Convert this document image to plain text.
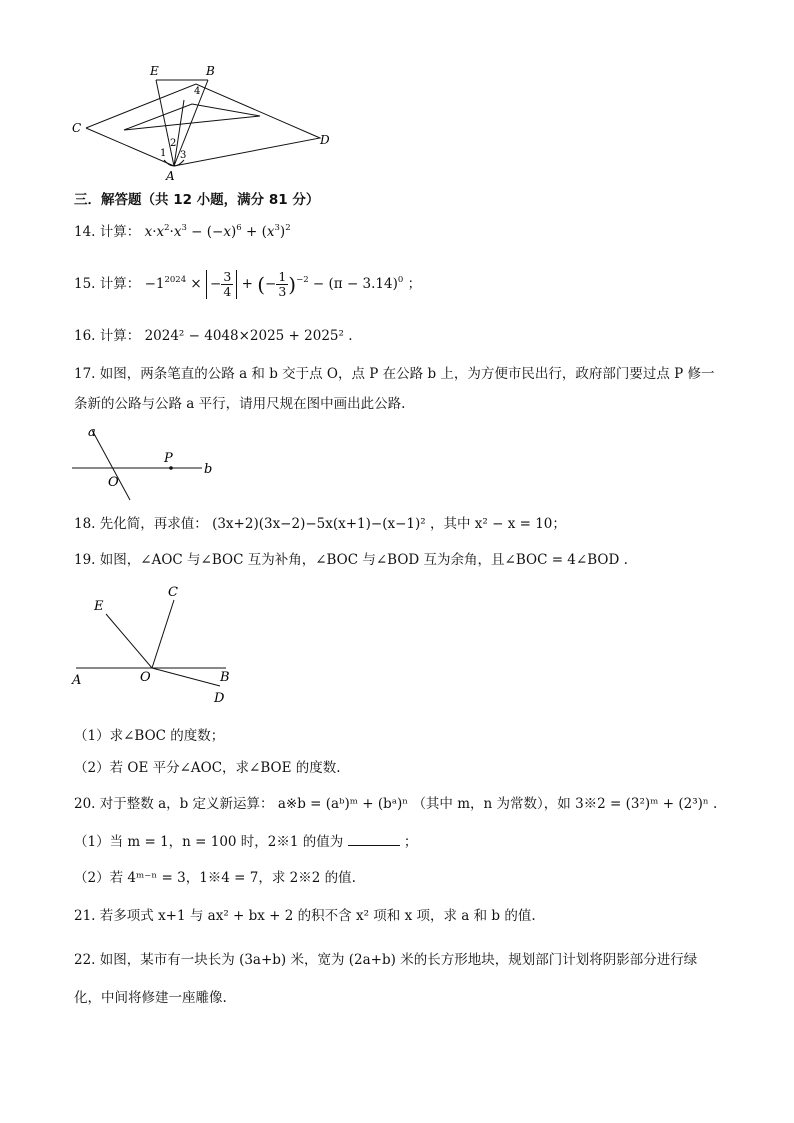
E	B
C
D
A
1
2
3
4
三．解答题（共 12 小题，满分 81 分）
14. 计算： $x\cdot x^2\cdot x^3 - (-x)^6 + (x^3)^2$
15. 计算： $-1^{2024}$ × − $\frac{3}{4}$ + (− $\frac{1}{3} )^{-2} - (\pi - 3.14)^0$ ；
16. 计算： 2024² − 4048×2025 + 2025² .
17. 如图，两条笔直的公路 a 和 b 交于点 O，点 P 在公路 b 上，为方便市民出行，政府部门要过点 P 修一
条新的公路与公路 a 平行，请用尺规在图中画出此公路.
a
b
O
P
18. 先化简，再求值： (3x+2)(3x−2)−5x(x+1)−(x−1)² ，其中 x² − x = 10；
19. 如图，∠AOC 与∠BOC 互为补角，∠BOC 与∠BOD 互为余角，且∠BOC = 4∠BOD .
E
C
A	O	B
D
（1）求∠BOC 的度数；
（2）若 OE 平分∠AOC，求∠BOE 的度数.
20. 对于整数 a，b 定义新运算： a※b = (aᵇ)ᵐ + (bᵃ)ⁿ （其中 m，n 为常数），如 3※2 = (3²)ᵐ + (2³)ⁿ .
（1）当 m = 1，n = 100 时，2※1 的值为	；
（2）若 4ᵐ⁻ⁿ = 3，1※4 = 7，求 2※2 的值.
21. 若多项式 x+1 与 ax² + bx + 2 的积不含 x² 项和 x 项，求 a 和 b 的值.
22. 如图，某市有一块长为 (3a+b) 米，宽为 (2a+b) 米的长方形地块，规划部门计划将阴影部分进行绿
化，中间将修建一座雕像.
